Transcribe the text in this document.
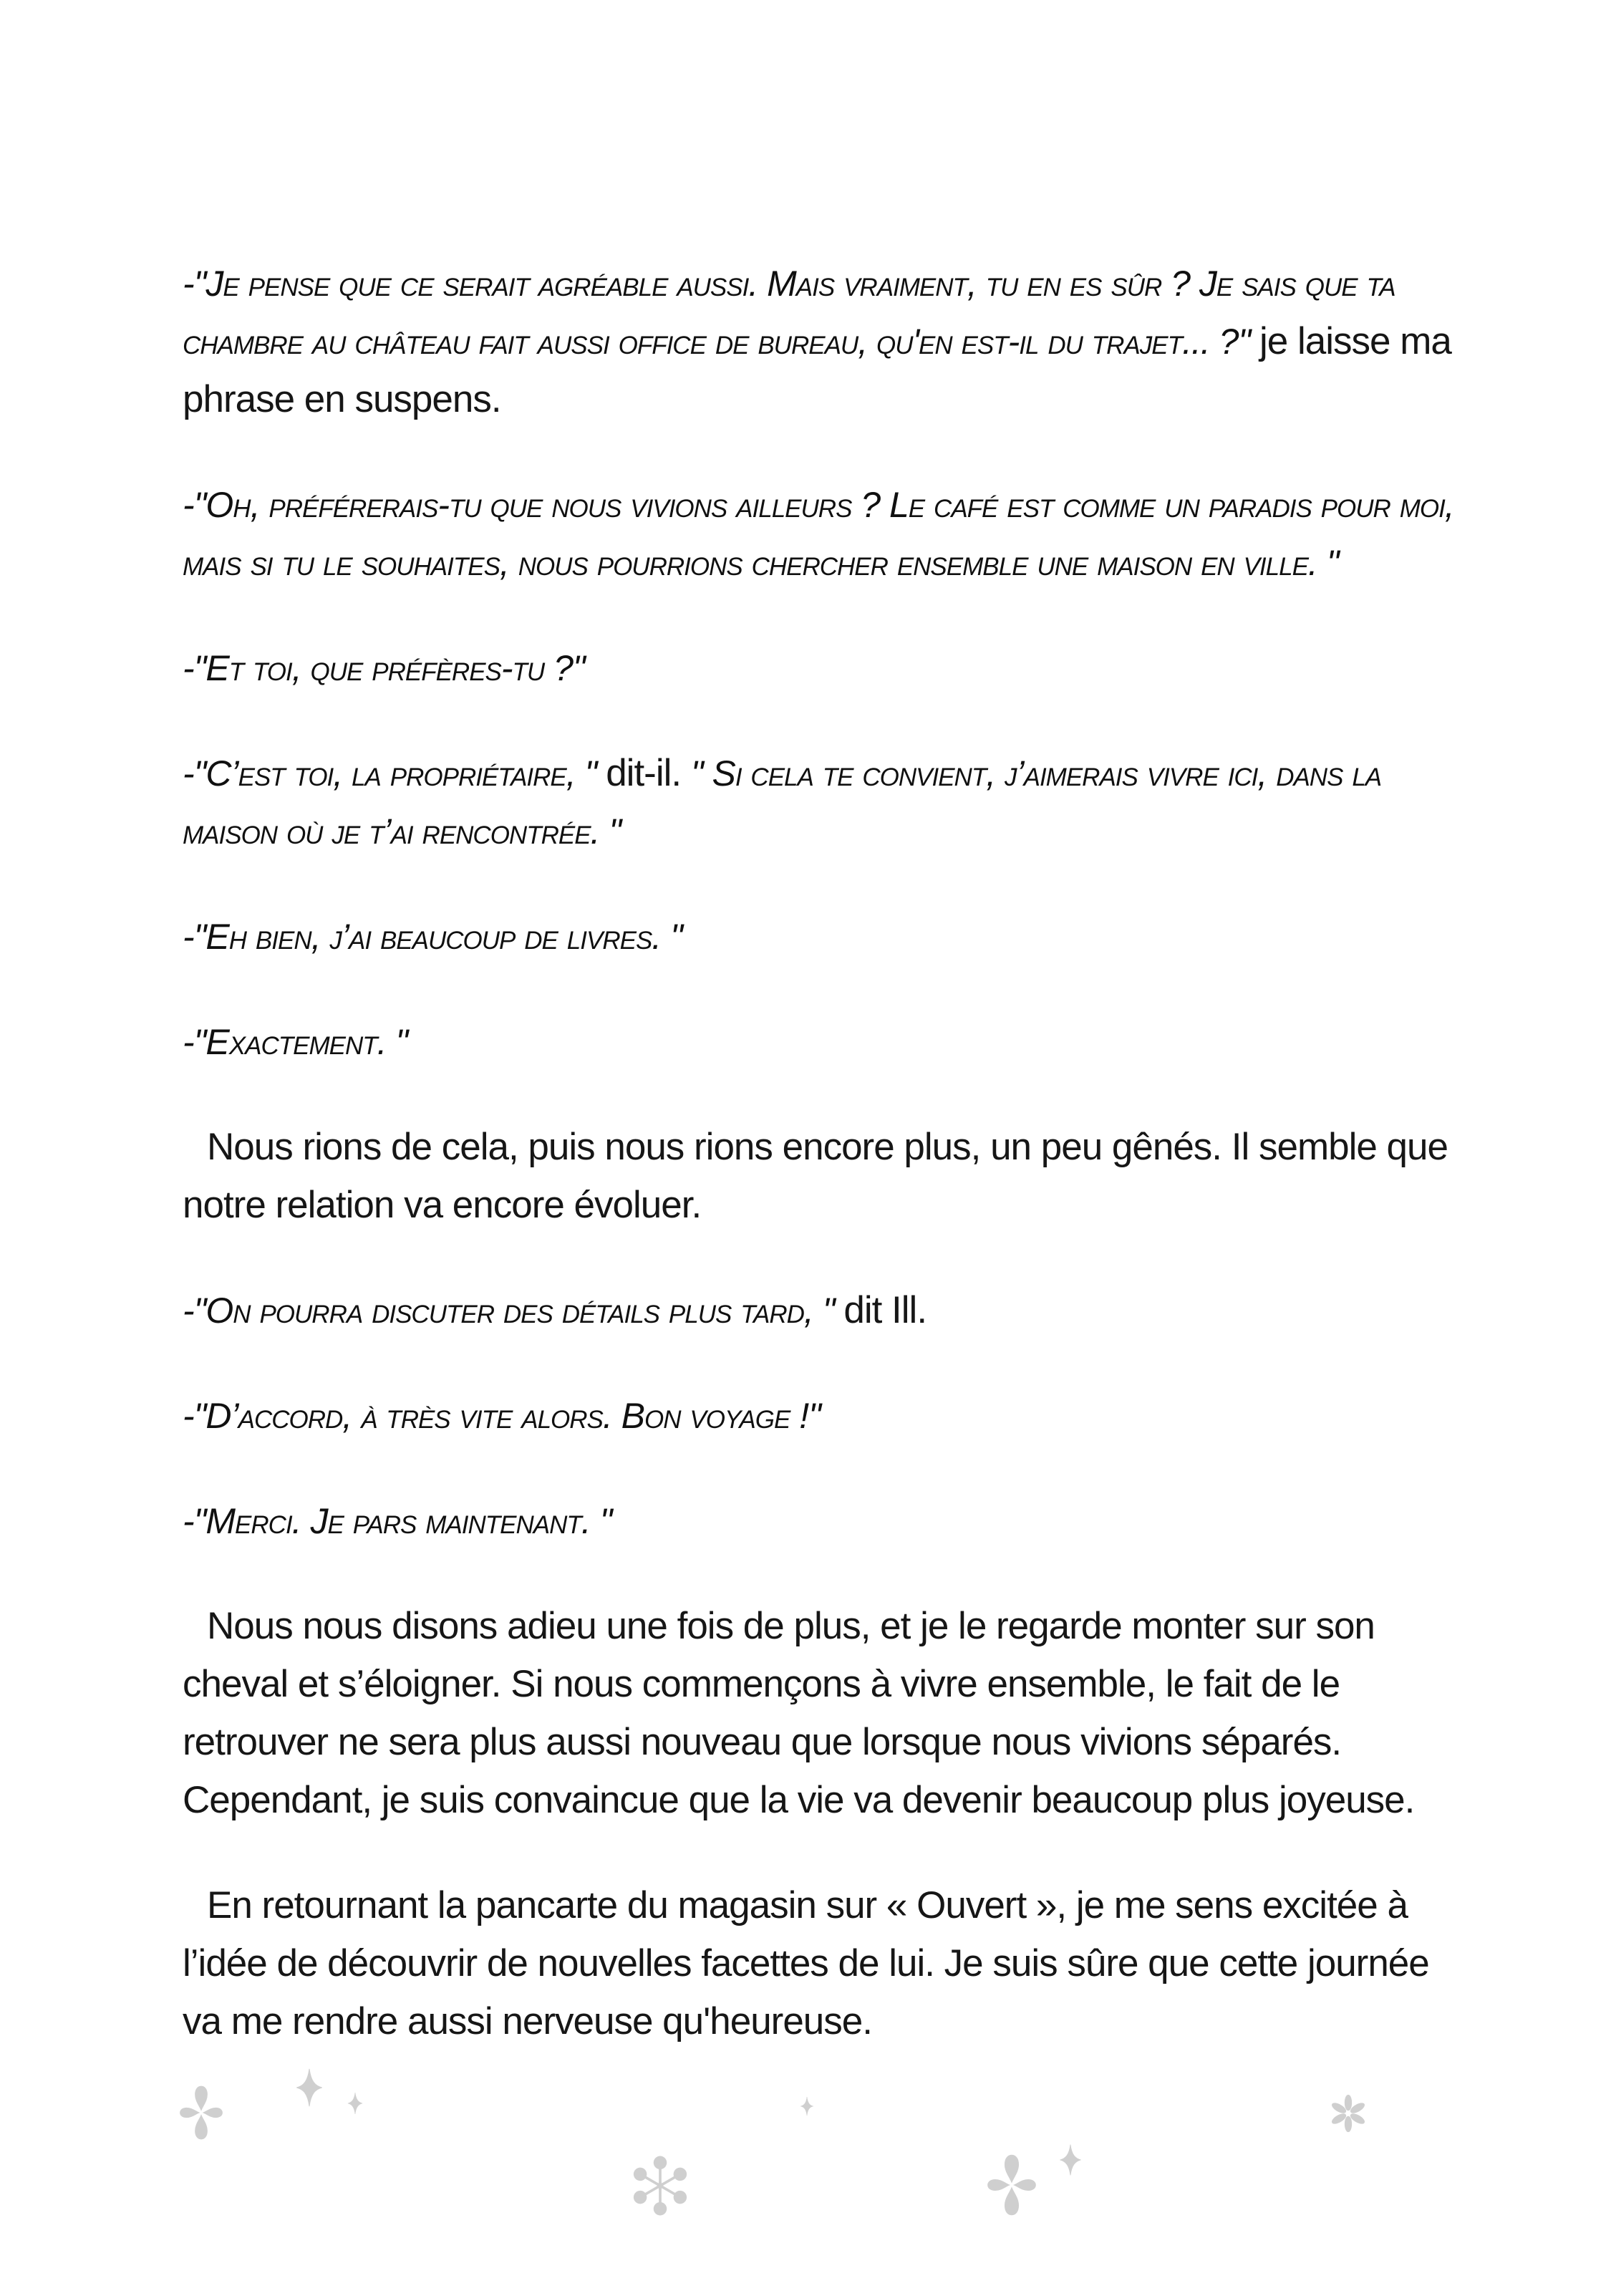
-"Je pense que ce serait agréable aussi. Mais vraiment, tu en es sûr ? Je sais que ta chambre au château fait aussi office de bureau, qu'en est-il du trajet... ?" je laisse ma phrase en suspens.

-"Oh, préférerais-tu que nous vivions ailleurs ? Le café est comme un paradis pour moi, mais si tu le souhaites, nous pourrions chercher ensemble une maison en ville. "

-"Et toi, que préfères-tu ?"

-"C’est toi, la propriétaire, " dit-il. " Si cela te convient, j’aimerais vivre ici, dans la maison où je t’ai rencontrée. "

-"Eh bien, j’ai beaucoup de livres. "

-"Exactement. "

Nous rions de cela, puis nous rions encore plus, un peu gênés. Il semble que notre relation va encore évoluer.

-"On pourra discuter des détails plus tard, " dit Ill.

-"D’accord, à très vite alors. Bon voyage !"

-"Merci. Je pars maintenant. "

Nous nous disons adieu une fois de plus, et je le regarde monter sur son cheval et s’éloigner. Si nous commençons à vivre ensemble, le fait de le retrouver ne sera plus aussi nouveau que lorsque nous vivions séparés. Cependant, je suis convaincue que la vie va devenir beaucoup plus joyeuse.

En retournant la pancarte du magasin sur « Ouvert », je me sens excitée à l’idée de découvrir de nouvelles facettes de lui. Je suis sûre que cette journée va me rendre aussi nerveuse qu'heureuse.
